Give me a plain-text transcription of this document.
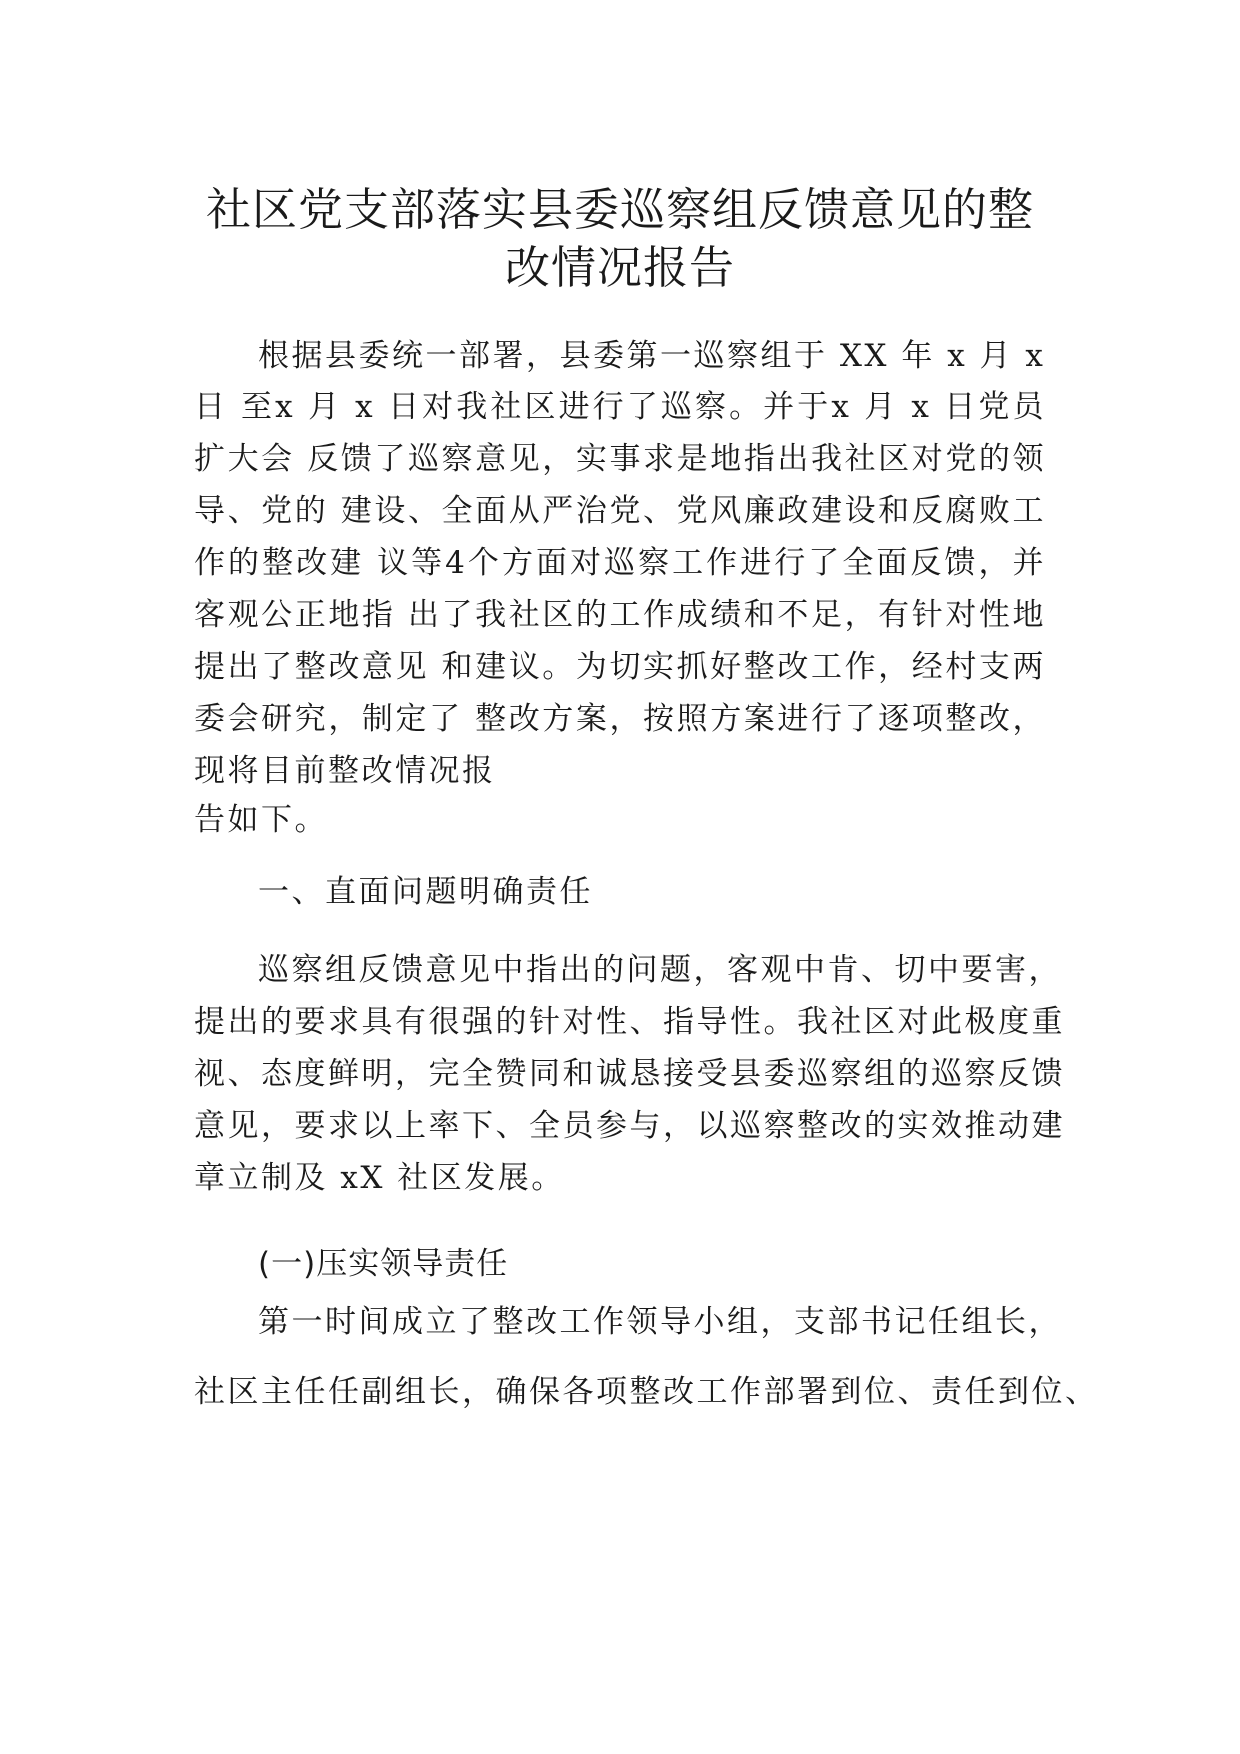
社区党支部落实县委巡察组反馈意见的整
改情况报告
根据县委统一部署，县委第一巡察组于 XX 年 x 月 x
日 至x 月 x 日对我社区进行了巡察。并于x 月 x 日党员
扩大会 反馈了巡察意见，实事求是地指出我社区对党的领
导、党的 建设、全面从严治党、党风廉政建设和反腐败工
作的整改建 议等4个方面对巡察工作进行了全面反馈，并
客观公正地指 出了我社区的工作成绩和不足，有针对性地
提出了整改意见 和建议。为切实抓好整改工作，经村支两
委会研究，制定了 整改方案，按照方案进行了逐项整改，
现将目前整改情况报
告如下。
一、直面问题明确责任
巡察组反馈意见中指出的问题，客观中肯、切中要害，
提出的要求具有很强的针对性、指导性。我社区对此极度重
视、态度鲜明，完全赞同和诚恳接受县委巡察组的巡察反馈
意见，要求以上率下、全员参与，以巡察整改的实效推动建
章立制及 xX 社区发展。
(一)压实领导责任
第一时间成立了整改工作领导小组，支部书记任组长，
社区主任任副组长，确保各项整改工作部署到位、责任到位、
